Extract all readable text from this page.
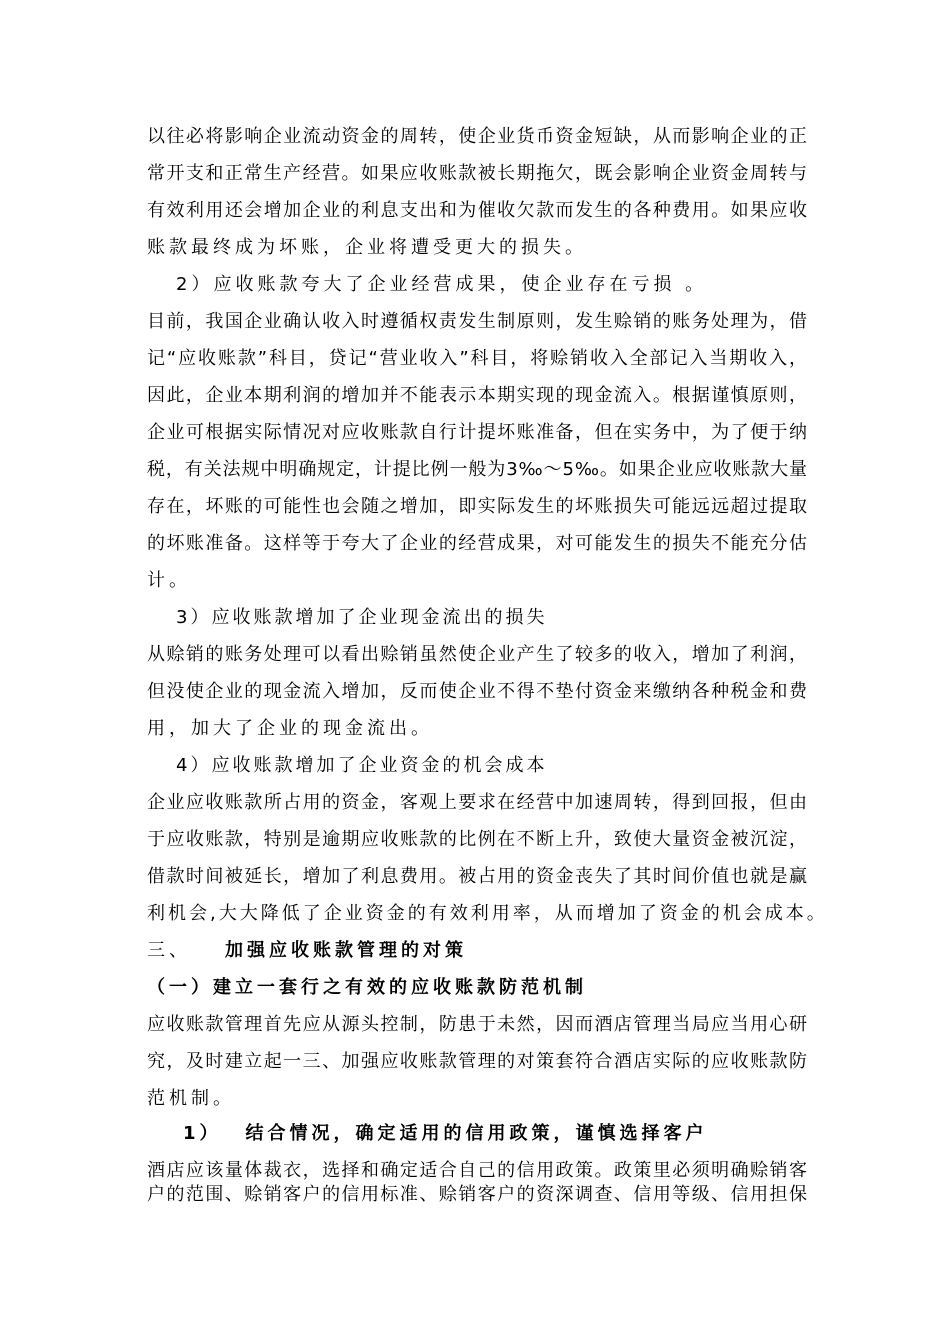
以往必将影响企业流动资金的周转，使企业货币资金短缺，从而影响企业的正

常开支和正常生产经营。如果应收账款被长期拖欠，既会影响企业资金周转与

有效利用还会增加企业的利息支出和为催收欠款而发生的各种费用。如果应收

账款最终成为坏账，企业将遭受更大的损失。

2）应收账款夸大了企业经营成果，使企业存在亏损 。

目前，我国企业确认收入时遵循权责发生制原则，发生赊销的账务处理为，借

记“应收账款”科目，贷记“营业收入”科目，将赊销收入全部记入当期收入，

因此，企业本期利润的增加并不能表示本期实现的现金流入。根据谨慎原则，

企业可根据实际情况对应收账款自行计提坏账准备，但在实务中，为了便于纳

税，有关法规中明确规定，计提比例一般为3‰～5‰。如果企业应收账款大量

存在，坏账的可能性也会随之增加，即实际发生的坏账损失可能远远超过提取

的坏账准备。这样等于夸大了企业的经营成果，对可能发生的损失不能充分估

计。

3）应收账款增加了企业现金流出的损失

从赊销的账务处理可以看出赊销虽然使企业产生了较多的收入，增加了利润，

但没使企业的现金流入增加，反而使企业不得不垫付资金来缴纳各种税金和费

用，加大了企业的现金流出。

4）应收账款增加了企业资金的机会成本

企业应收账款所占用的资金，客观上要求在经营中加速周转，得到回报，但由

于应收账款，特别是逾期应收账款的比例在不断上升，致使大量资金被沉淀，

借款时间被延长，增加了利息费用。被占用的资金丧失了其时间价值也就是赢

利机会,大大降低了企业资金的有效利用率，从而增加了资金的机会成本。

三、 加强应收账款管理的对策

（一）建立一套行之有效的应收账款防范机制

应收账款管理首先应从源头控制，防患于未然，因而酒店管理当局应当用心研

究，及时建立起一三、加强应收账款管理的对策套符合酒店实际的应收账款防

范机制。

1） 结合情况，确定适用的信用政策，谨慎选择客户

酒店应该量体裁衣，选择和确定适合自己的信用政策。政策里必须明确赊销客

户的范围、赊销客户的信用标准、赊销客户的资深调查、信用等级、信用担保
